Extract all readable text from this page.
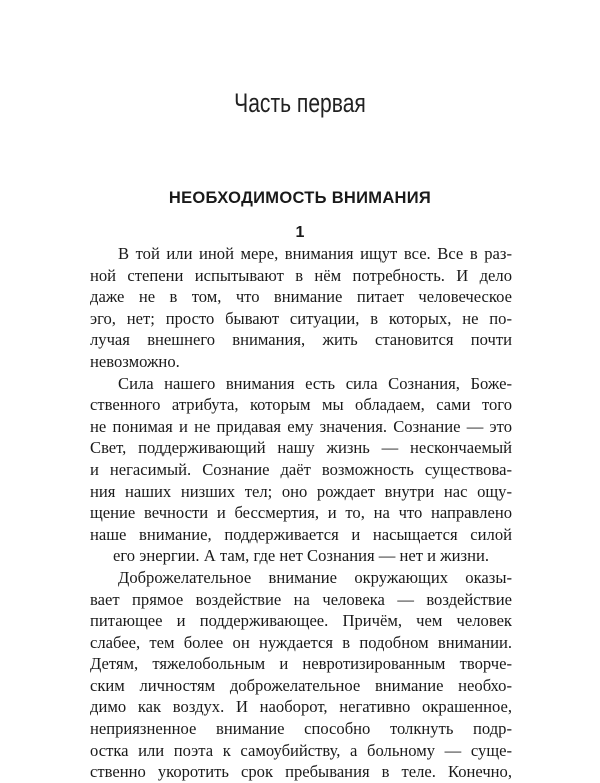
Часть первая
НЕОБХОДИМОСТЬ ВНИМАНИЯ
1
В той или иной мере, внимания ищут все. Все в раз-
ной степени испытывают в нём потребность. И дело
даже не в том, что внимание питает человеческое
эго, нет; просто бывают ситуации, в которых, не по-
лучая внешнего внимания, жить становится почти
невозможно.
Сила нашего внимания есть сила Сознания, Боже-
ственного атрибута, которым мы обладаем, сами того
не понимая и не придавая ему значения. Сознание — это
Свет, поддерживающий нашу жизнь — нескончаемый
и негасимый. Сознание даёт возможность существова-
ния наших низших тел; оно рождает внутри нас ощу-
щение вечности и бессмертия, и то, на что направлено
наше внимание, поддерживается и насыщается силой
его энергии. А там, где нет Сознания — нет и жизни.
Доброжелательное внимание окружающих оказы-
вает прямое воздействие на человека — воздействие
питающее и поддерживающее. Причём, чем человек
слабее, тем более он нуждается в подобном внимании.
Детям, тяжелобольным и невротизированным творче-
ским личностям доброжелательное внимание необхо-
димо как воздух. И наоборот, негативно окрашенное,
неприязненное внимание способно толкнуть подр-
остка или поэта к самоубийству, а больному — суще-
ственно укоротить срок пребывания в теле. Конечно,
